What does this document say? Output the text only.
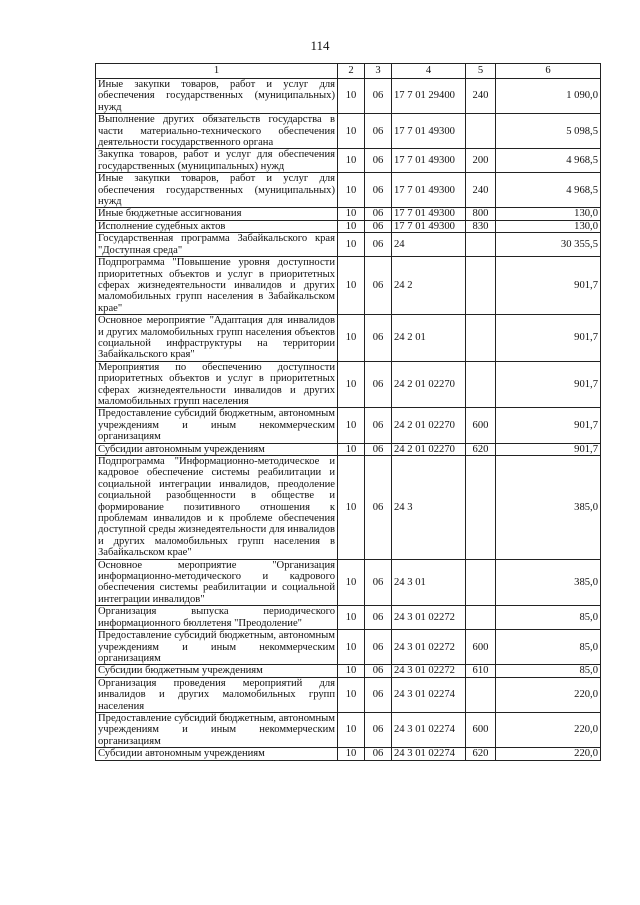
114
1	2	3	4	5	6
Иные закупки товаров, работ и услуг для обеспечения государственных (муниципальных) нужд	10	06	17 7 01 29400	240	1 090,0
Выполнение других обязательств государства в части материально-технического обеспечения деятельности государственного органа	10	06	17 7 01 49300		5 098,5
Закупка товаров, работ и услуг для обеспечения государственных (муниципальных) нужд	10	06	17 7 01 49300	200	4 968,5
Иные закупки товаров, работ и услуг для обеспечения государственных (муниципальных) нужд	10	06	17 7 01 49300	240	4 968,5
Иные бюджетные ассигнования	10	06	17 7 01 49300	800	130,0
Исполнение судебных актов	10	06	17 7 01 49300	830	130,0
Государственная программа Забайкальского края "Доступная среда"	10	06	24		30 355,5
Подпрограмма "Повышение уровня доступности приоритетных объектов и услуг в приоритетных сферах жизнедеятельности инвалидов и других маломобильных групп населения в Забайкальском крае"	10	06	24 2		901,7
Основное мероприятие "Адаптация для инвалидов и других маломобильных групп населения объектов социальной инфраструктуры на территории Забайкальского края"	10	06	24 2 01		901,7
Мероприятия по обеспечению доступности приоритетных объектов и услуг в приоритетных сферах жизнедеятельности инвалидов и других маломобильных групп населения	10	06	24 2 01 02270		901,7
Предоставление субсидий бюджетным, автономным учреждениям и иным некоммерческим организациям	10	06	24 2 01 02270	600	901,7
Субсидии автономным учреждениям	10	06	24 2 01 02270	620	901,7
Подпрограмма "Информационно-методическое и кадровое обеспечение системы реабилитации и социальной интеграции инвалидов, преодоление социальной разобщенности в обществе и формирование позитивного отношения к проблемам инвалидов и к проблеме обеспечения доступной среды жизнедеятельности для инвалидов и других маломобильных групп населения в Забайкальском крае"	10	06	24 3		385,0
Основное мероприятие "Организация информационно-методического и кадрового обеспечения системы реабилитации и социальной интеграции инвалидов"	10	06	24 3 01		385,0
Организация выпуска периодического информационного бюллетеня "Преодоление"	10	06	24 3 01 02272		85,0
Предоставление субсидий бюджетным, автономным учреждениям и иным некоммерческим организациям	10	06	24 3 01 02272	600	85,0
Субсидии бюджетным учреждениям	10	06	24 3 01 02272	610	85,0
Организация проведения мероприятий для инвалидов и других маломобильных групп населения	10	06	24 3 01 02274		220,0
Предоставление субсидий бюджетным, автономным учреждениям и иным некоммерческим организациям	10	06	24 3 01 02274	600	220,0
Субсидии автономным учреждениям	10	06	24 3 01 02274	620	220,0
